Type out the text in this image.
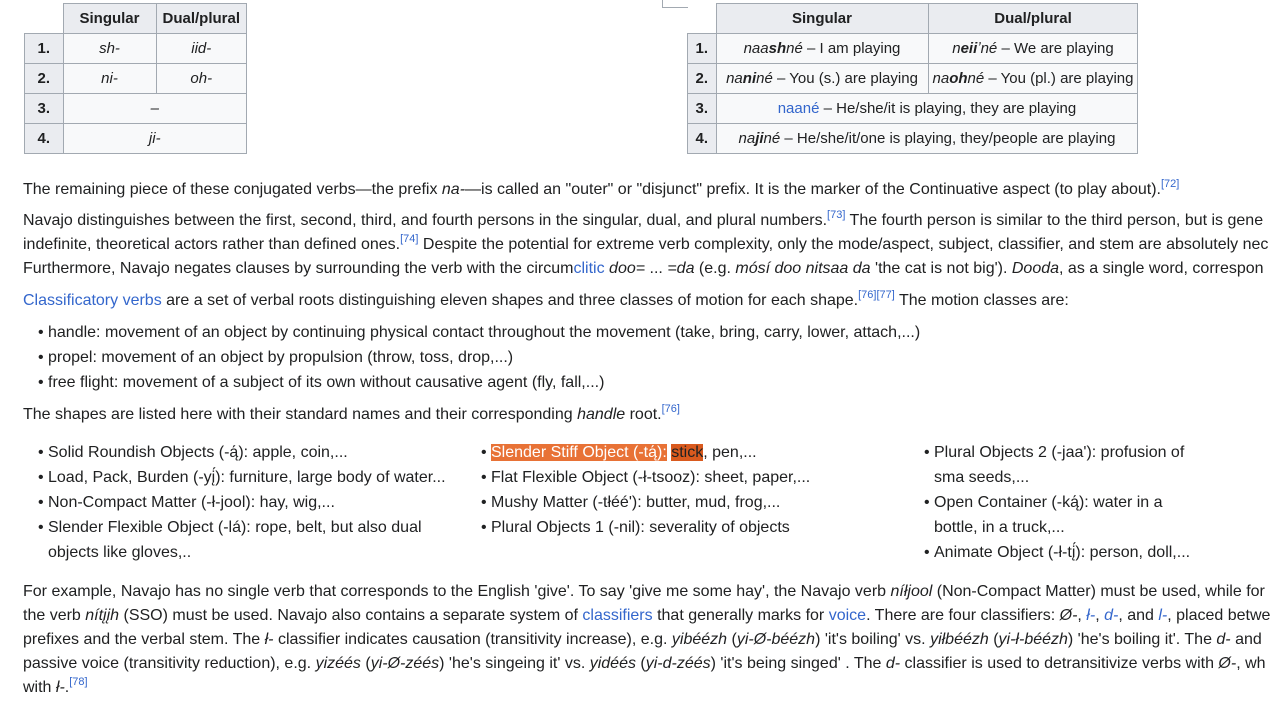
	Singular	Dual/plural
1.	sh-	iid-
2.	ni-	oh-
3.	–	
4.	ji-	
	Singular	Dual/plural
1.	naashné – I am playing	neiiʼné – We are playing
2.	naniné – You (s.) are playing	naohné – You (pl.) are playing
3.	naané – He/she/it is playing, they are playing	
4.	najiné – He/she/it/one is playing, they/people are playing	

The remaining piece of these conjugated verbs—the prefix na-—is called an "outer" or "disjunct" prefix. It is the marker of the Continuative aspect (to play about).[72]

Navajo distinguishes between the first, second, third, and fourth persons in the singular, dual, and plural numbers.[73] The fourth person is similar to the third person, but is gene

indefinite, theoretical actors rather than defined ones.[74] Despite the potential for extreme verb complexity, only the mode/aspect, subject, classifier, and stem are absolutely nec

Furthermore, Navajo negates clauses by surrounding the verb with the circumclitic doo= ... =da (e.g. mósí doo nitsaa da 'the cat is not big'). Dooda, as a single word, correspon

Classificatory verbs are a set of verbal roots distinguishing eleven shapes and three classes of motion for each shape.[76][77] The motion classes are:

• handle: movement of an object by continuing physical contact throughout the movement (take, bring, carry, lower, attach,...)
• propel: movement of an object by propulsion (throw, toss, drop,...)
• free flight: movement of a subject of its own without causative agent (fly, fall,...)

The shapes are listed here with their standard names and their corresponding handle root.[76]

• Solid Roundish Objects (-ą́): apple, coin,...
• Load, Pack, Burden (-yį́): furniture, large body of water...
• Non-Compact Matter (-ł-jool): hay, wig,...
• Slender Flexible Object (-lá): rope, belt, but also dual objects like gloves,..
• Slender Stiff Object (-tą́): stick, pen,...
• Flat Flexible Object (-ł-tsooz): sheet, paper,...
• Mushy Matter (-tłéé'): butter, mud, frog,...
• Plural Objects 1 (-nil): severality of objects
• Plural Objects 2 (-jaa'): profusion of sma seeds,...
• Open Container (-ką́): water in a bottle, in a truck,...
• Animate Object (-ł-tį́): person, doll,...

For example, Navajo has no single verb that corresponds to the English 'give'. To say 'give me some hay', the Navajo verb níłjool (Non-Compact Matter) must be used, while for

the verb nítįįh (SSO) must be used. Navajo also contains a separate system of classifiers that generally marks for voice. There are four classifiers: Ø-, ł-, d-, and l-, placed betwe

prefixes and the verbal stem. The ł- classifier indicates causation (transitivity increase), e.g. yibéézh (yi-Ø-béézh) 'it's boiling' vs. yiłbéézh (yi-ł-béézh) 'he's boiling it'. The d- and

passive voice (transitivity reduction), e.g. yizéés (yi-Ø-zéés) 'he's singeing it' vs. yidéés (yi-d-zéés) 'it's being singed' . The d- classifier is used to detransitivize verbs with Ø-, wh

with ł-.[78]
